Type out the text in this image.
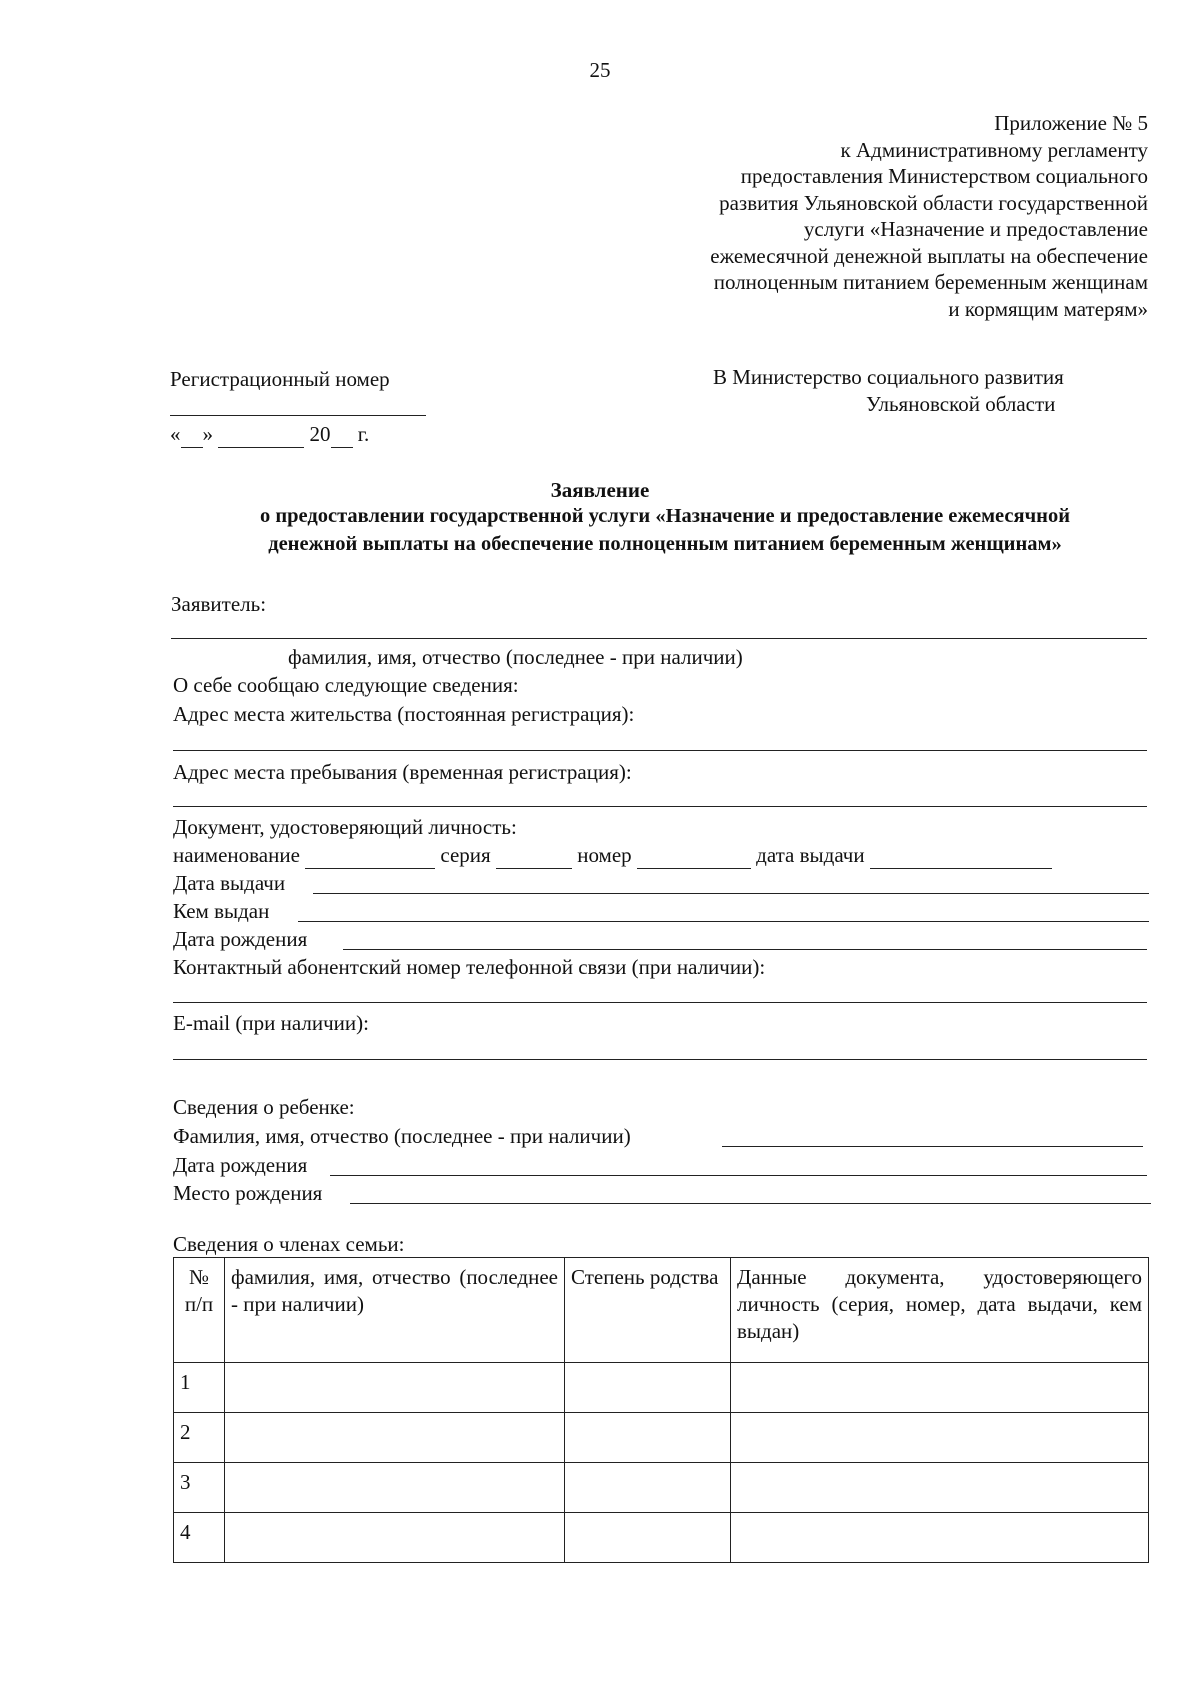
25
Приложение № 5
к Административному регламенту
предоставления Министерством социального
развития Ульяновской области государственной
услуги «Назначение и предоставление
ежемесячной денежной выплаты на обеспечение
полноценным питанием беременным женщинам
и кормящим матерям»
Регистрационный номер
« »	20 г.
В Министерство социального развития
Ульяновской области
Заявление
о предоставлении государственной услуги «Назначение и предоставление ежемесячной
денежной выплаты на обеспечение полноценным питанием беременным женщинам»
Заявитель:
фамилия, имя, отчество (последнее - при наличии)
О себе сообщаю следующие сведения:
Адрес места жительства (постоянная регистрация):
Адрес места пребывания (временная регистрация):
Документ, удостоверяющий личность:
наименование	серия	номер	дата выдачи
Дата выдачи
Кем выдан
Дата рождения
Контактный абонентский номер телефонной связи (при наличии):
E-mail (при наличии):
Сведения о ребенке:
Фамилия, имя, отчество (последнее - при наличии)
Дата рождения
Место рождения
Сведения о членах семьи:
№ п/п	фамилия, имя, отчество (последнее - при наличии)	Степень родства	Данные документа, удостоверяющего личность (серия, номер, дата выдачи, кем выдан)
1			
2			
3			
4			
